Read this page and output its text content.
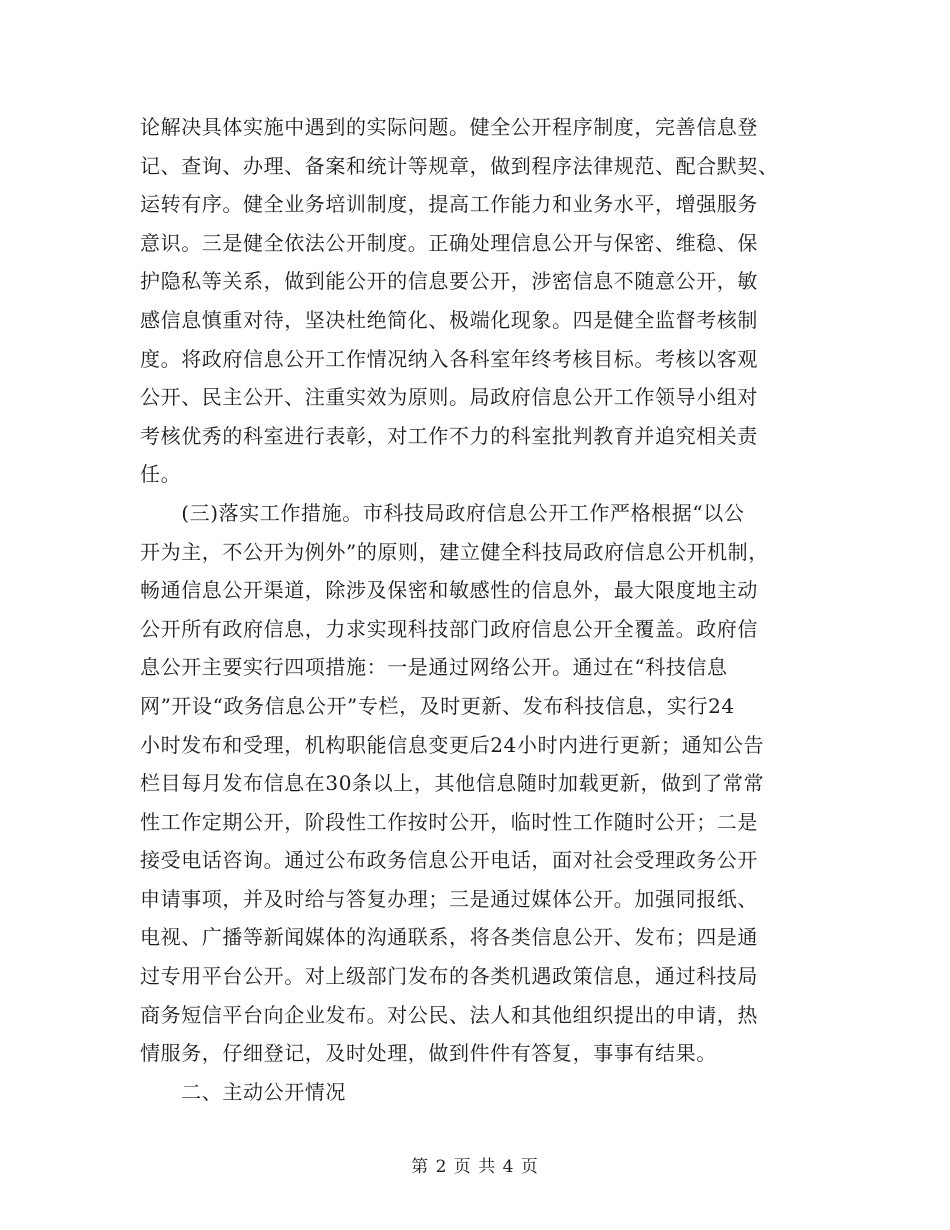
论解决具体实施中遇到的实际问题。健全公开程序制度，完善信息登
记、查询、办理、备案和统计等规章，做到程序法律规范、配合默契、
运转有序。健全业务培训制度，提高工作能力和业务水平，增强服务
意识。三是健全依法公开制度。正确处理信息公开与保密、维稳、保
护隐私等关系，做到能公开的信息要公开，涉密信息不随意公开，敏
感信息慎重对待，坚决杜绝简化、极端化现象。四是健全监督考核制
度。将政府信息公开工作情况纳入各科室年终考核目标。考核以客观
公开、民主公开、注重实效为原则。局政府信息公开工作领导小组对
考核优秀的科室进行表彰，对工作不力的科室批判教育并追究相关责
任。
　　(三)落实工作措施。市科技局政府信息公开工作严格根据“以公
开为主，不公开为例外”的原则，建立健全科技局政府信息公开机制，
畅通信息公开渠道，除涉及保密和敏感性的信息外，最大限度地主动
公开所有政府信息，力求实现科技部门政府信息公开全覆盖。政府信
息公开主要实行四项措施：一是通过网络公开。通过在“科技信息
网”开设“政务信息公开”专栏，及时更新、发布科技信息，实行24
小时发布和受理，机构职能信息变更后24小时内进行更新；通知公告
栏目每月发布信息在30条以上，其他信息随时加载更新，做到了常常
性工作定期公开，阶段性工作按时公开，临时性工作随时公开；二是
接受电话咨询。通过公布政务信息公开电话，面对社会受理政务公开
申请事项，并及时给与答复办理；三是通过媒体公开。加强同报纸、
电视、广播等新闻媒体的沟通联系，将各类信息公开、发布；四是通
过专用平台公开。对上级部门发布的各类机遇政策信息，通过科技局
商务短信平台向企业发布。对公民、法人和其他组织提出的申请，热
情服务，仔细登记，及时处理，做到件件有答复，事事有结果。
　　二、主动公开情况
第 2 页 共 4 页
